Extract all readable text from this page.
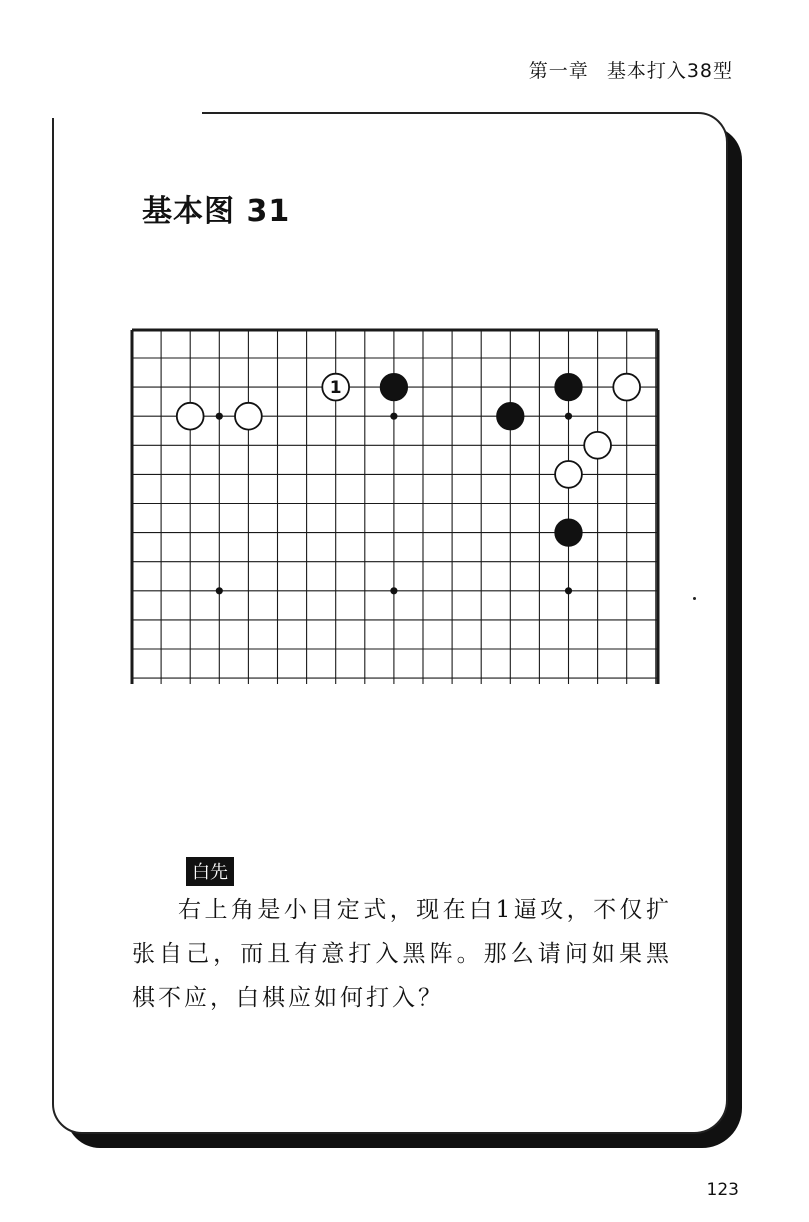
第一章 基本打入38型
基本图 31
1
白先
右上角是小目定式，现在白1逼攻，不仅扩张自己，而且有意打入黑阵。那么请问如果黑棋不应，白棋应如何打入？
123
